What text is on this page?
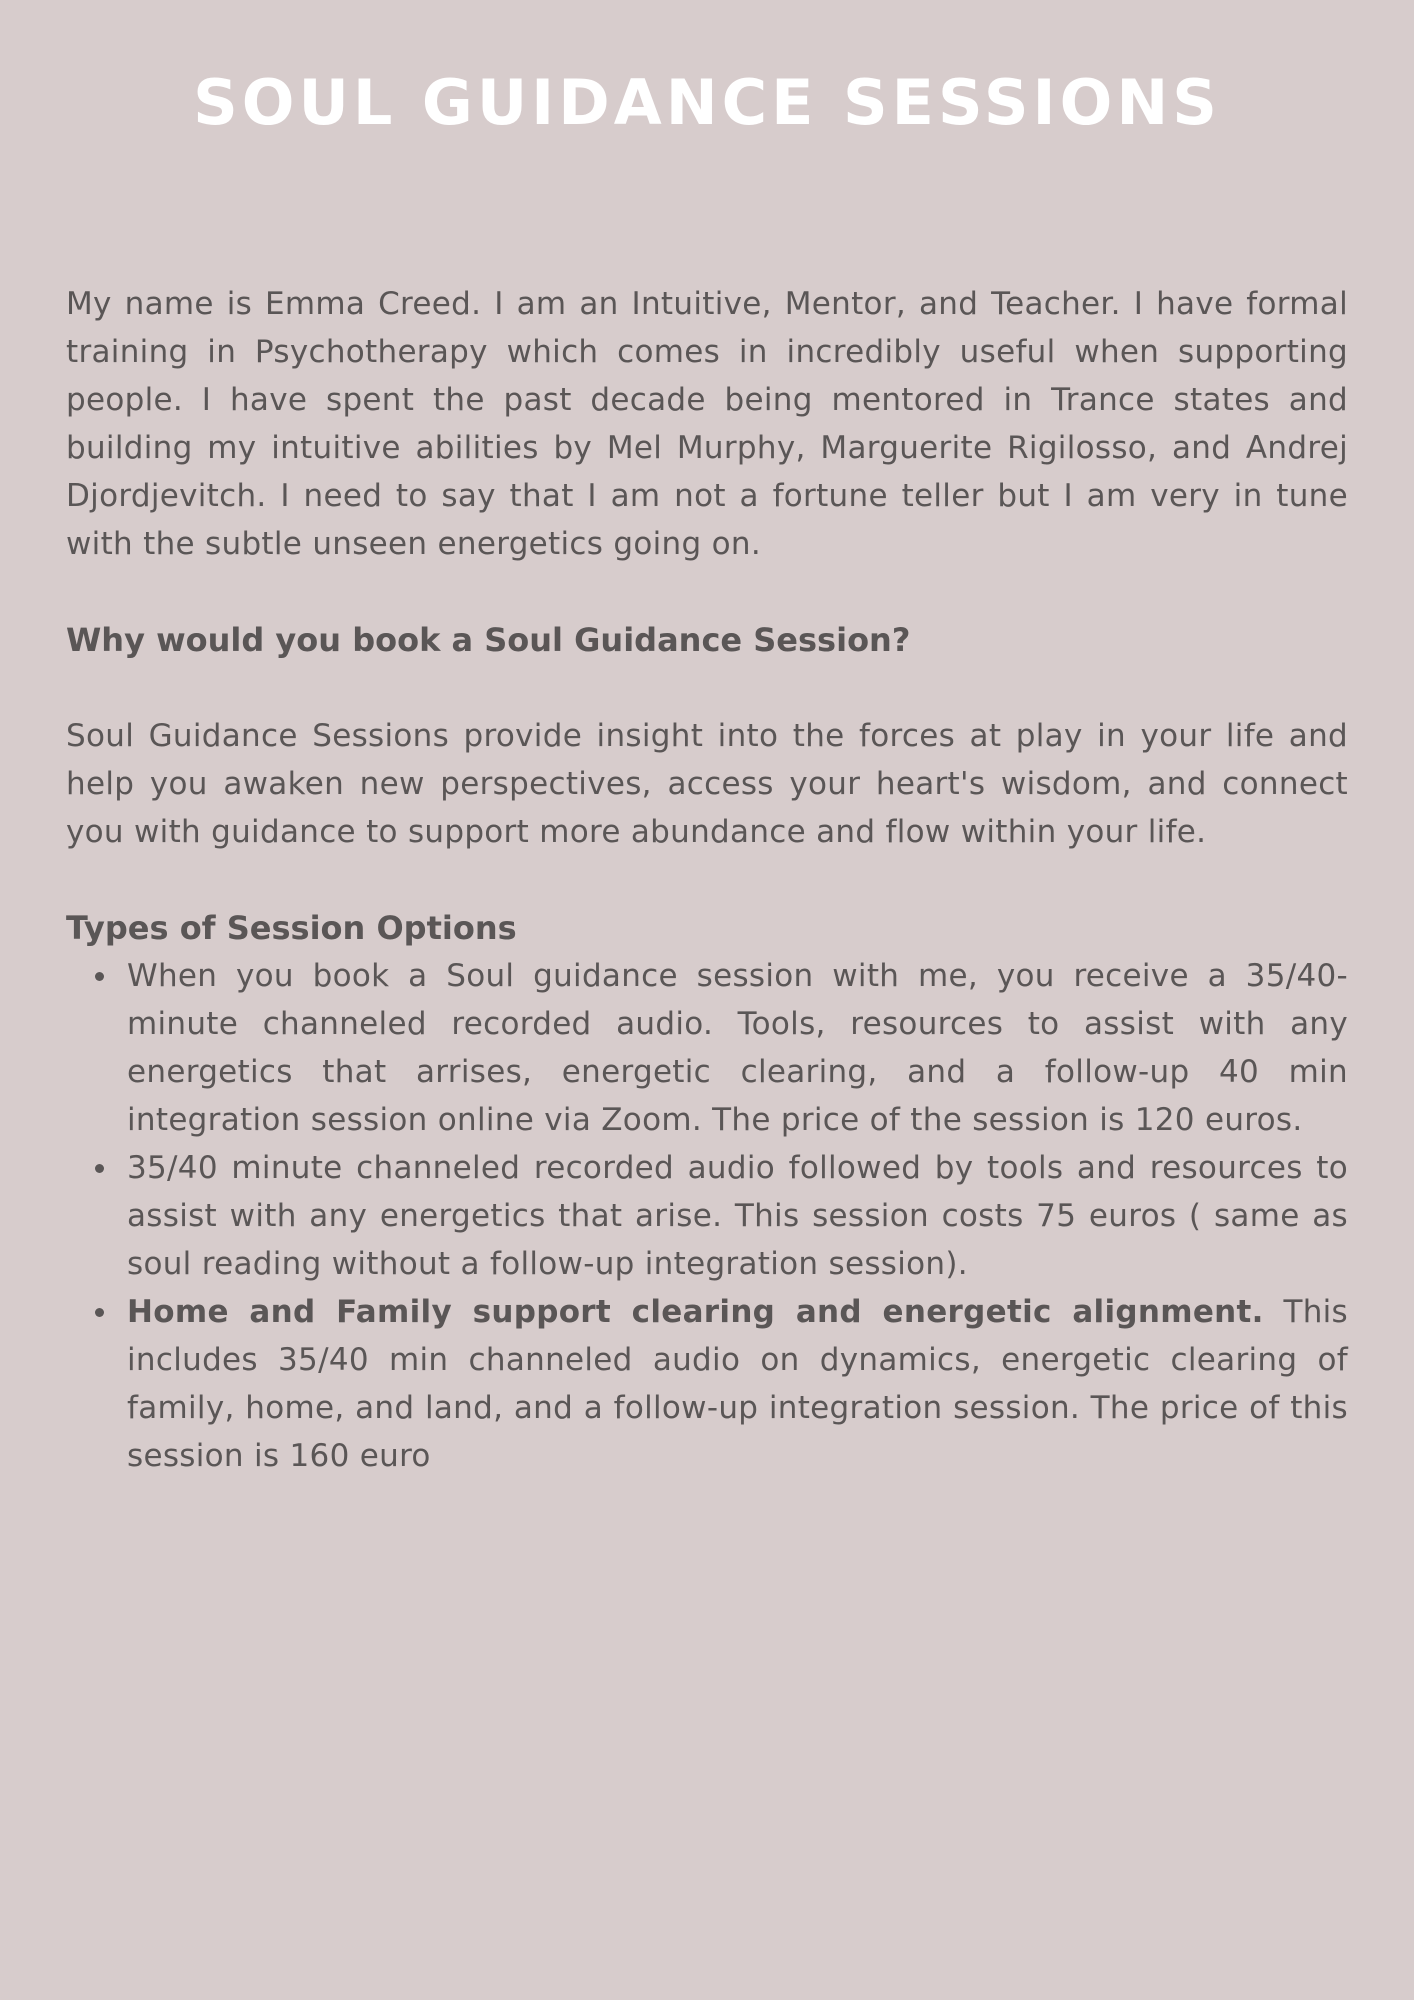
SOUL GUIDANCE SESSIONS

My name is Emma Creed. I am an Intuitive, Mentor, and Teacher. I have formal training in Psychotherapy which comes in incredibly useful when supporting people. I have spent the past decade being mentored in Trance states and building my intuitive abilities by Mel Murphy, Marguerite Rigilosso, and Andrej Djordjevitch. I need to say that I am not a fortune teller but I am very in tune with the subtle unseen energetics going on.

Why would you book a Soul Guidance Session?

Soul Guidance Sessions provide insight into the forces at play in your life and help you awaken new perspectives, access your heart's wisdom, and connect you with guidance to support more abundance and flow within your life.

Types of Session Options
When you book a Soul guidance session with me, you receive a 35/40-minute channeled recorded audio. Tools, resources to assist with any energetics that arrises, energetic clearing, and a follow-up 40 min integration session online via Zoom. The price of the session is 120 euros.
35/40 minute channeled recorded audio followed by tools and resources to assist with any energetics that arise. This session costs 75 euros ( same as soul reading without a follow-up integration session).
Home and Family support clearing and energetic alignment. This includes 35/40 min channeled audio on dynamics, energetic clearing of family, home, and land, and a follow-up integration session. The price of this session is 160 euro
